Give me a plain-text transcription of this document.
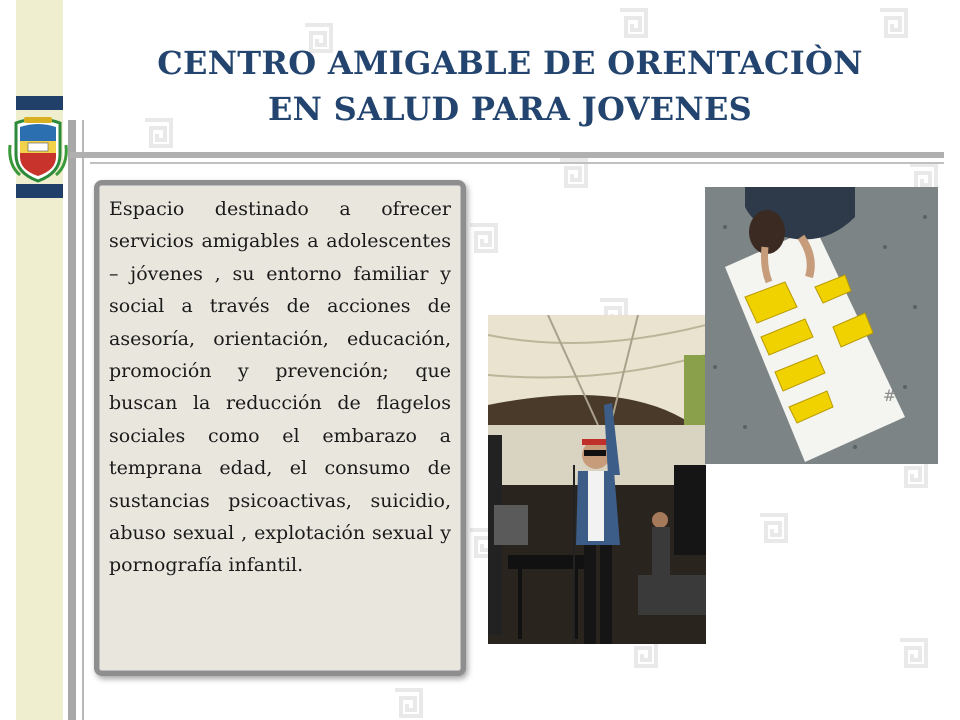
CENTRO AMIGABLE DE ORENTACIÒN
EN SALUD PARA JOVENES

Espacio destinado a ofrecer servicios amigables a adolescentes – jóvenes , su entorno familiar y social a través de acciones de asesoría, orientación, educación, promoción y prevención; que buscan la reducción de flagelos sociales como el embarazo a temprana edad, el consumo de sustancias psicoactivas, suicidio, abuso sexual , explotación sexual y pornografía infantil.

#
